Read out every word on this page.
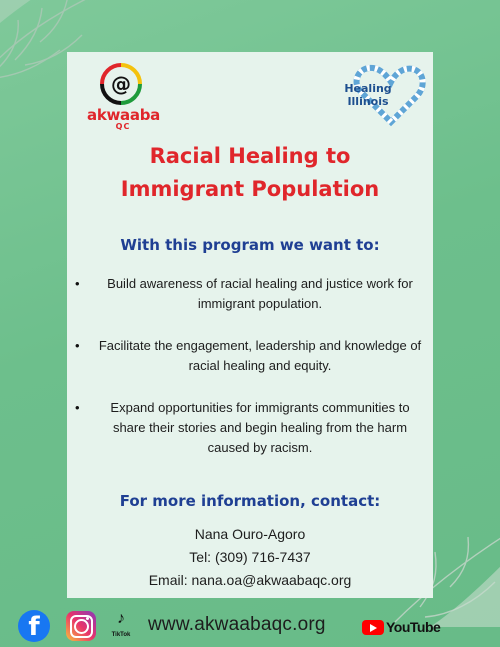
@
akwaaba
QC
Healing
Illinois
Racial Healing to
Immigrant Population
With this program we want to:
• Build awareness of racial healing and justice work for immigrant population.
• Facilitate the engagement, leadership and knowledge of racial healing and equity.
• Expand opportunities for immigrants communities to share their stories and begin healing from the harm caused by racism.
For more information, contact:
Nana Ouro-Agoro
Tel: (309) 716-7437
Email: nana.oa@akwaabaqc.org
f	♪
TikTok www.akwaabaqc.org	YouTube
